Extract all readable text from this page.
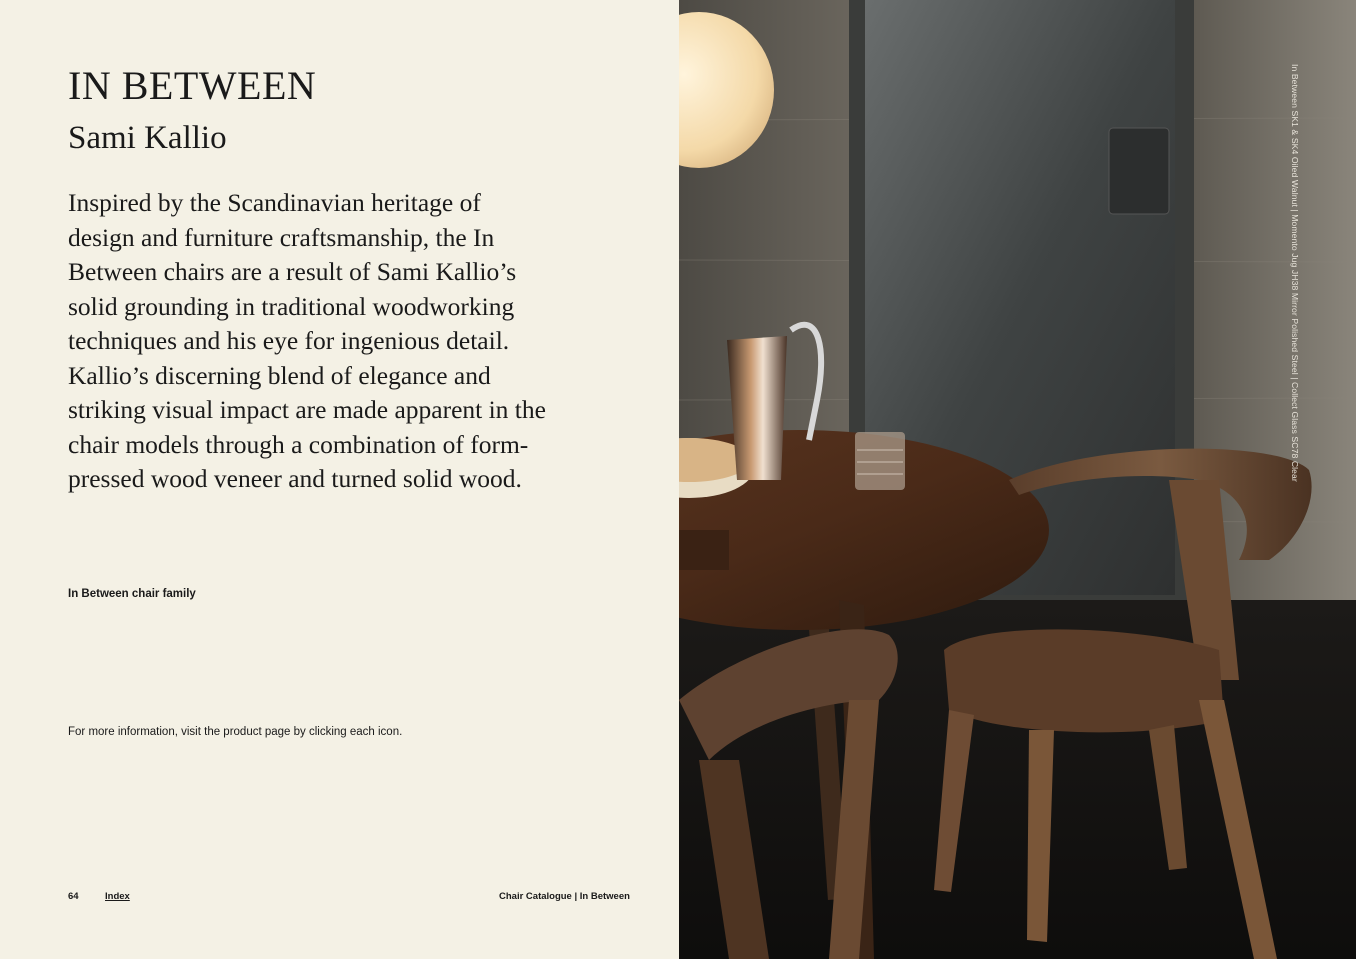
IN BETWEEN
Sami Kallio

Inspired by the Scandinavian heritage of design and furniture craftsmanship, the In Between chairs are a result of Sami Kallio’s solid grounding in traditional woodworking techniques and his eye for ingenious detail. Kallio’s discerning blend of elegance and striking visual impact are made apparent in the chair models through a combination of form-pressed wood veneer and turned solid wood.

In Between chair family
For more information, visit the product page by clicking each icon.
64	Index	Chair Catalogue | In Between
In Between SK1 & SK4 Oiled Walnut | Momento Jug JH38 Mirror Polished Steel | Collect Glass SC78 Clear
